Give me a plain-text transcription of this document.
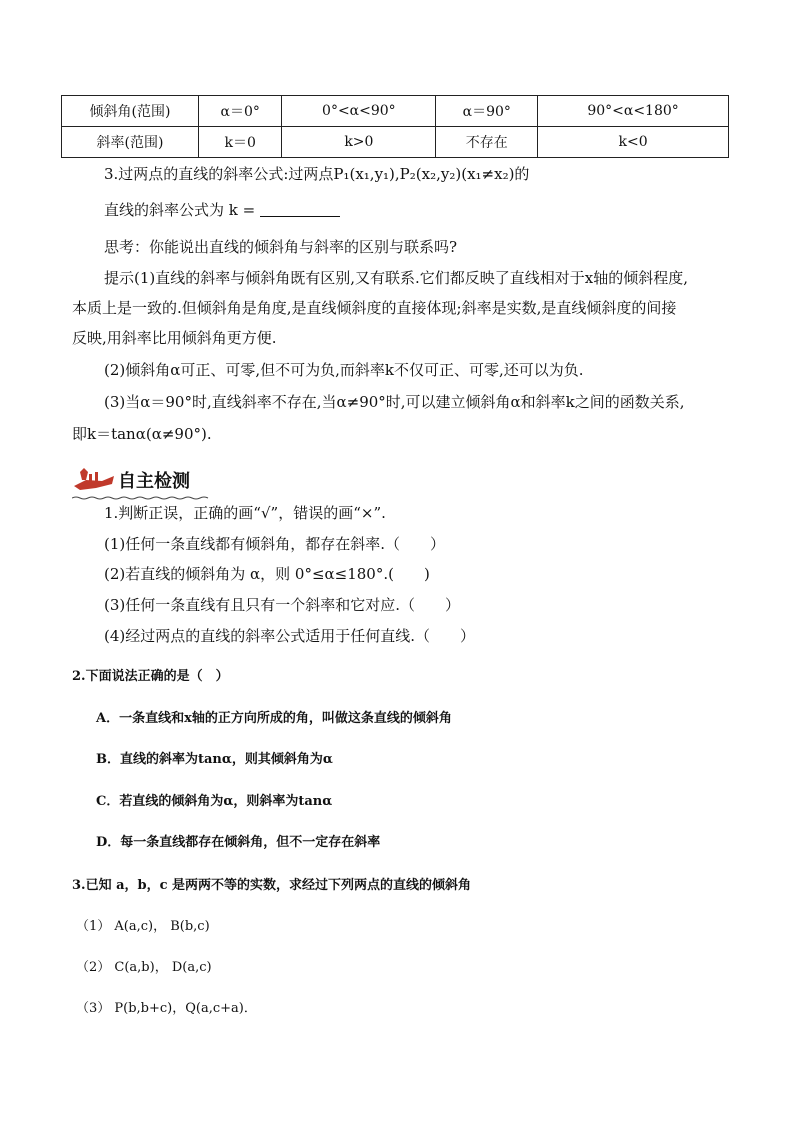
倾斜角(范围)	α＝0°	0°<α<90°	α＝90°	90°<α<180°
斜率(范围)	k＝0	k>0	不存在	k<0
3.过两点的直线的斜率公式:过两点P₁(x₁,y₁),P₂(x₂,y₂)(x₁≠x₂)的
直线的斜率公式为 k =
思考：你能说出直线的倾斜角与斜率的区别与联系吗?
提示(1)直线的斜率与倾斜角既有区别,又有联系.它们都反映了直线相对于x轴的倾斜程度,
本质上是一致的.但倾斜角是角度,是直线倾斜度的直接体现;斜率是实数,是直线倾斜度的间接
反映,用斜率比用倾斜角更方便.
(2)倾斜角α可正、可零,但不可为负,而斜率k不仅可正、可零,还可以为负.
(3)当α＝90°时,直线斜率不存在,当α≠90°时,可以建立倾斜角α和斜率k之间的函数关系,
即k＝tanα(α≠90°).
自主检测
1.判断正误，正确的画“√”，错误的画“×”.
(1)任何一条直线都有倾斜角，都存在斜率.（　　）
(2)若直线的倾斜角为 α，则 0°≤α≤180°.(　　)
(3)任何一条直线有且只有一个斜率和它对应.（　　）
(4)经过两点的直线的斜率公式适用于任何直线.（　　）
2.下面说法正确的是（　）
A．一条直线和x轴的正方向所成的角，叫做这条直线的倾斜角
B．直线的斜率为tanα，则其倾斜角为α
C．若直线的倾斜角为α，则斜率为tanα
D．每一条直线都存在倾斜角，但不一定存在斜率
3.已知 a，b，c 是两两不等的实数，求经过下列两点的直线的倾斜角
（1） A(a,c)， B(b,c)
（2） C(a,b)， D(a,c)
（3） P(b,b+c)，Q(a,c+a)．
